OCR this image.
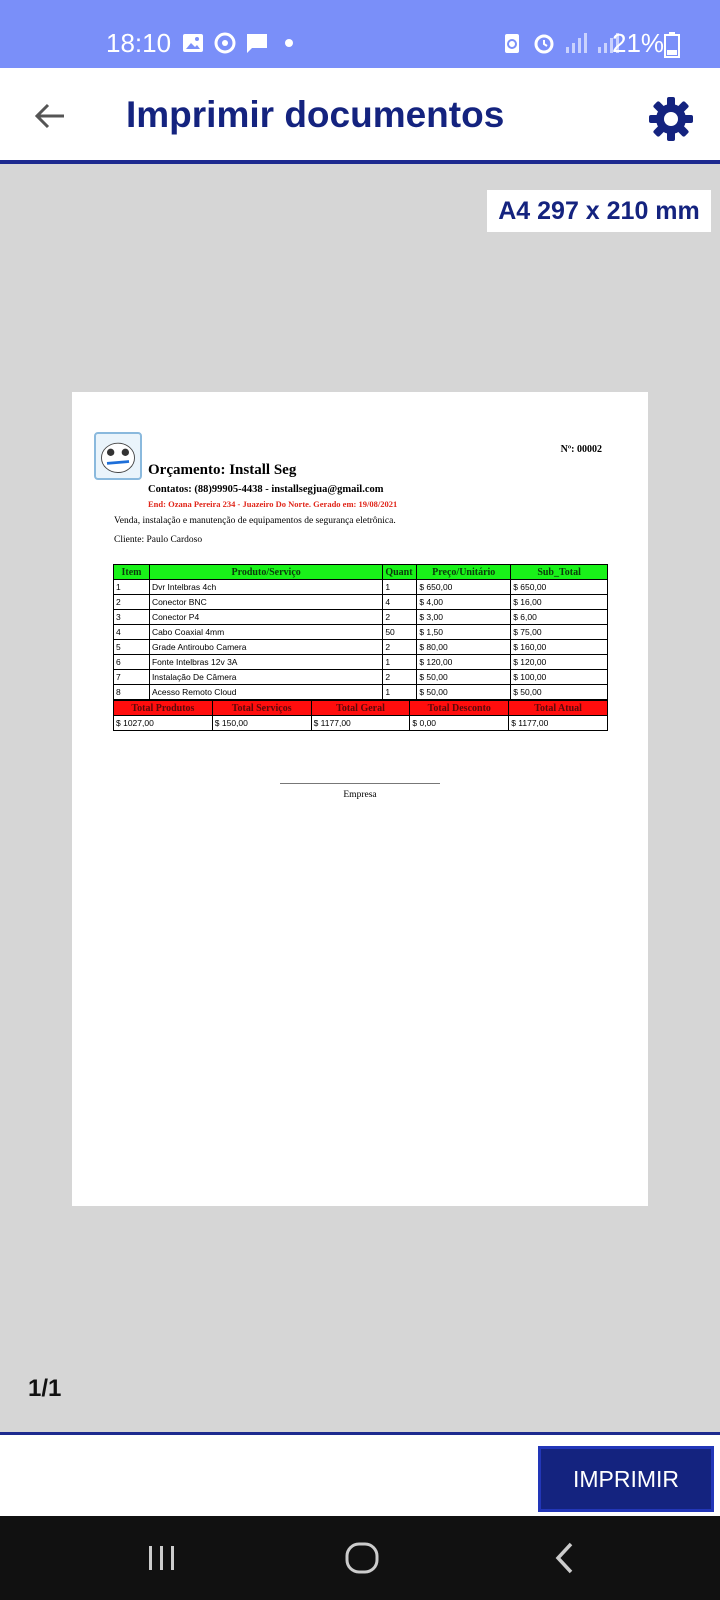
18:10	21%
Imprimir documentos
A4 297 x 210 mm
Nº: 00002
Orçamento: Install Seg
Contatos: (88)99905-4438 - installsegjua@gmail.com
End: Ozana Pereira 234 - Juazeiro Do Norte. Gerado em: 19/08/2021
Venda, instalação e manutenção de equipamentos de segurança eletrônica.
Cliente: Paulo Cardoso
Item	Produto/Serviço	Quant	Preço/Unitário	Sub_Total
1	Dvr Intelbras 4ch	1	$ 650,00	$ 650,00
2	Conector BNC	4	$ 4,00	$ 16,00
3	Conector P4	2	$ 3,00	$ 6,00
4	Cabo Coaxial 4mm	50	$ 1,50	$ 75,00
5	Grade Antiroubo Camera	2	$ 80,00	$ 160,00
6	Fonte Intelbras 12v 3A	1	$ 120,00	$ 120,00
7	Instalação De Câmera	2	$ 50,00	$ 100,00
8	Acesso Remoto Cloud	1	$ 50,00	$ 50,00
Total Produtos	Total Serviços	Total Geral	Total Desconto	Total Atual
$ 1027,00	$ 150,00	$ 1177,00	$ 0,00	$ 1177,00
Empresa
1/1
IMPRIMIR
